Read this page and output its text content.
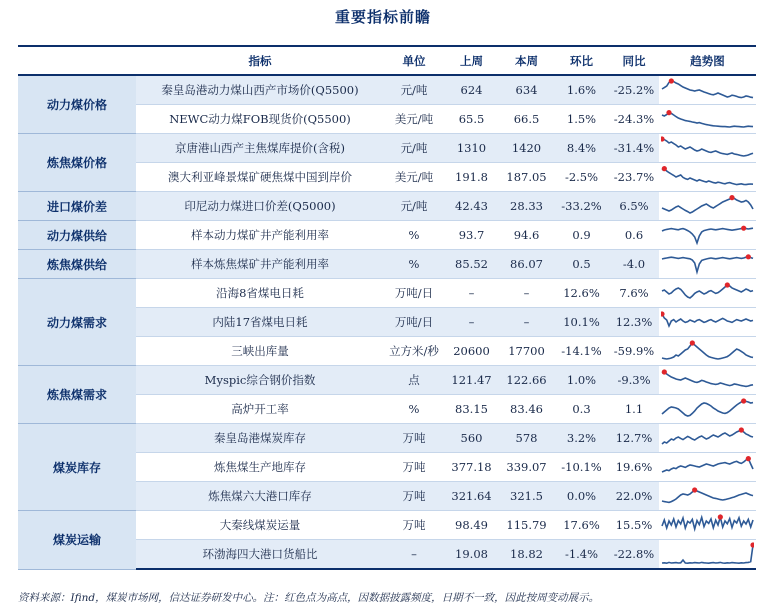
重要指标前瞻
	指标	单位	上周	本周	环比	同比	趋势图
动力煤价格	秦皇岛港动力煤山西产市场价(Q5500)	元/吨	624	634	1.6%	-25.2%	

	NEWC动力煤FOB现货价(Q5500)	美元/吨	65.5	66.5	1.5%	-24.3%	

炼焦煤价格	京唐港山西产主焦煤库提价(含税)	元/吨	1310	1420	8.4%	-31.4%	

	澳大利亚峰景煤矿硬焦煤中国到岸价	美元/吨	191.8	187.05	-2.5%	-23.7%	

进口煤价差	印尼动力煤进口价差(Q5000)	元/吨	42.43	28.33	-33.2%	6.5%	

动力煤供给	样本动力煤矿井产能利用率	%	93.7	94.6	0.9	0.6	

炼焦煤供给	样本炼焦煤矿井产能利用率	%	85.52	86.07	0.5	-4.0	

动力煤需求	沿海8省煤电日耗	万吨/日	–	–	12.6%	7.6%	

	内陆17省煤电日耗	万吨/日	–	–	10.1%	12.3%	

	三峡出库量	立方米/秒	20600	17700	-14.1%	-59.9%	

炼焦煤需求	Myspic综合钢价指数	点	121.47	122.66	1.0%	-9.3%	

	高炉开工率	%	83.15	83.46	0.3	1.1	

煤炭库存	秦皇岛港煤炭库存	万吨	560	578	3.2%	12.7%	

	炼焦煤生产地库存	万吨	377.18	339.07	-10.1%	19.6%	

	炼焦煤六大港口库存	万吨	321.64	321.5	0.0%	22.0%	

煤炭运输	大秦线煤炭运量	万吨	98.49	115.79	17.6%	15.5%	

	环渤海四大港口货船比	–	19.08	18.82	-1.4%	-22.8%	
资料来源：Ifind，煤炭市场网，信达证券研发中心。注：红色点为高点，因数据披露频度，日期不一致，因此按周变动展示。
